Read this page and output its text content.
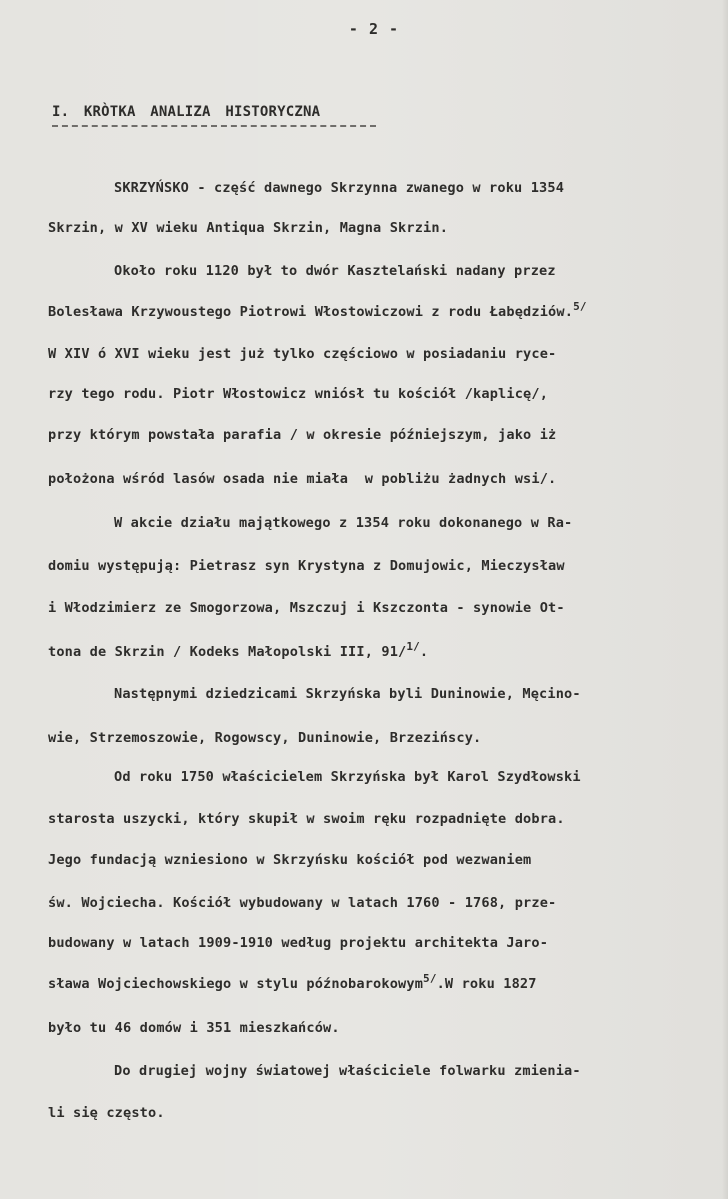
- 2 -
I. KRÒTKA ANALIZA HISTORYCZNA
SKRZYŃSKO - część dawnego Skrzynna zwanego w roku 1354
Skrzin, w XV wieku Antiqua Skrzin, Magna Skrzin.
Około roku 1120 był to dwór Kasztelański nadany przez
Bolesława Krzywoustego Piotrowi Włostowiczowi z rodu Łabędziów.$^{5/}$
W XIV ó XVI wieku jest już tylko częściowo w posiadaniu ryce-
rzy tego rodu. Piotr Włostowicz wniósł tu kościół /kaplicę/,
przy którym powstała parafia / w okresie późniejszym, jako iż
położona wśród lasów osada nie miała  w pobliżu żadnych wsi/.
W akcie działu majątkowego z 1354 roku dokonanego w Ra-
domiu występują: Pietrasz syn Krystyna z Domujowic, Mieczysław
i Włodzimierz ze Smogorzowa, Mszczuj i Kszczonta - synowie Ot-
tona de Skrzin / Kodeks Małopolski III, 91/$^{1/}$.
Następnymi dziedzicami Skrzyńska byli Duninowie, Męcino-
wie, Strzemoszowie, Rogowscy, Duninowie, Brzezińscy.
Od roku 1750 właścicielem Skrzyńska był Karol Szydłowski
starosta uszycki, który skupił w swoim ręku rozpadnięte dobra.
Jego fundacją wzniesiono w Skrzyńsku kościół pod wezwaniem
św. Wojciecha. Kościół wybudowany w latach 1760 - 1768, prze-
budowany w latach 1909-1910 według projektu architekta Jaro-
sława Wojciechowskiego w stylu późnobarokowym$^{5/}$.W roku 1827
było tu 46 domów i 351 mieszkańców.
Do drugiej wojny światowej właściciele folwarku zmienia-
li się często.
